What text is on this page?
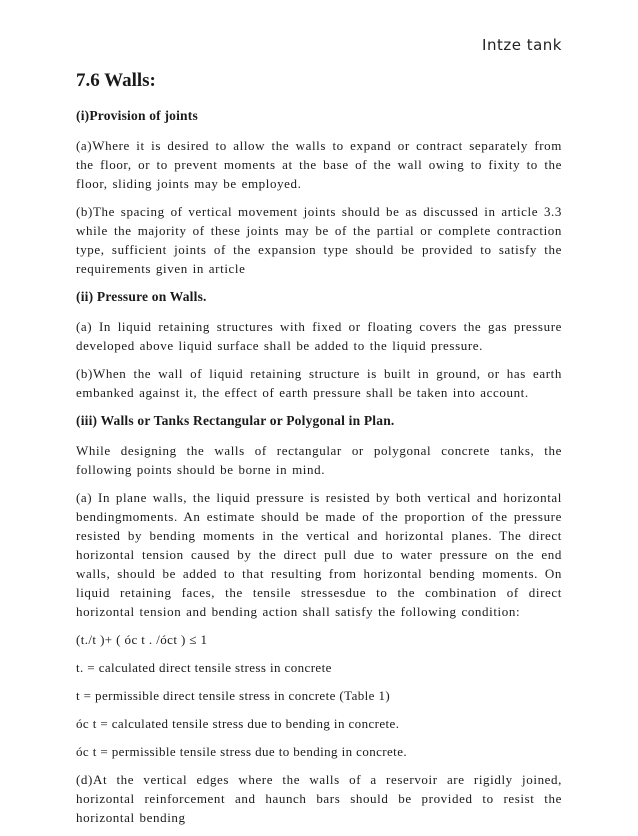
Intze tank
7.6 Walls:
(i)Provision of joints

(a)Where it is desired to allow the walls to expand or contract separately from the floor, or to prevent moments at the base of the wall owing to fixity to the floor, sliding joints may be employed.

(b)The spacing of vertical movement joints should be as discussed in article 3.3 while the majority of these joints may be of the partial or complete contraction type, sufficient joints of the expansion type should be provided to satisfy the requirements given in article

(ii) Pressure on Walls.

(a) In liquid retaining structures with fixed or floating covers the gas pressure developed above liquid surface shall be added to the liquid pressure.

(b)When the wall of liquid retaining structure is built in ground, or has earth embanked against it, the effect of earth pressure shall be taken into account.

(iii) Walls or Tanks Rectangular or Polygonal in Plan.

While designing the walls of rectangular or polygonal concrete tanks, the following points should be borne in mind.

(a) In plane walls, the liquid pressure is resisted by both vertical and horizontal bendingmoments. An estimate should be made of the proportion of the pressure resisted by bending moments in the vertical and horizontal planes. The direct horizontal tension caused by the direct pull due to water pressure on the end walls, should be added to that resulting from horizontal bending moments. On liquid retaining faces, the tensile stressesdue to the combination of direct horizontal tension and bending action shall satisfy the following condition:

(t./t )+ ( óc t . /óct ) ≤ 1
t. = calculated direct tensile stress in concrete
t = permissible direct tensile stress in concrete (Table 1)
óc t = calculated tensile stress due to bending in concrete.
óc t = permissible tensile stress due to bending in concrete.

(d)At the vertical edges where the walls of a reservoir are rigidly joined, horizontal reinforcement and haunch bars should be provided to resist the horizontal bending
